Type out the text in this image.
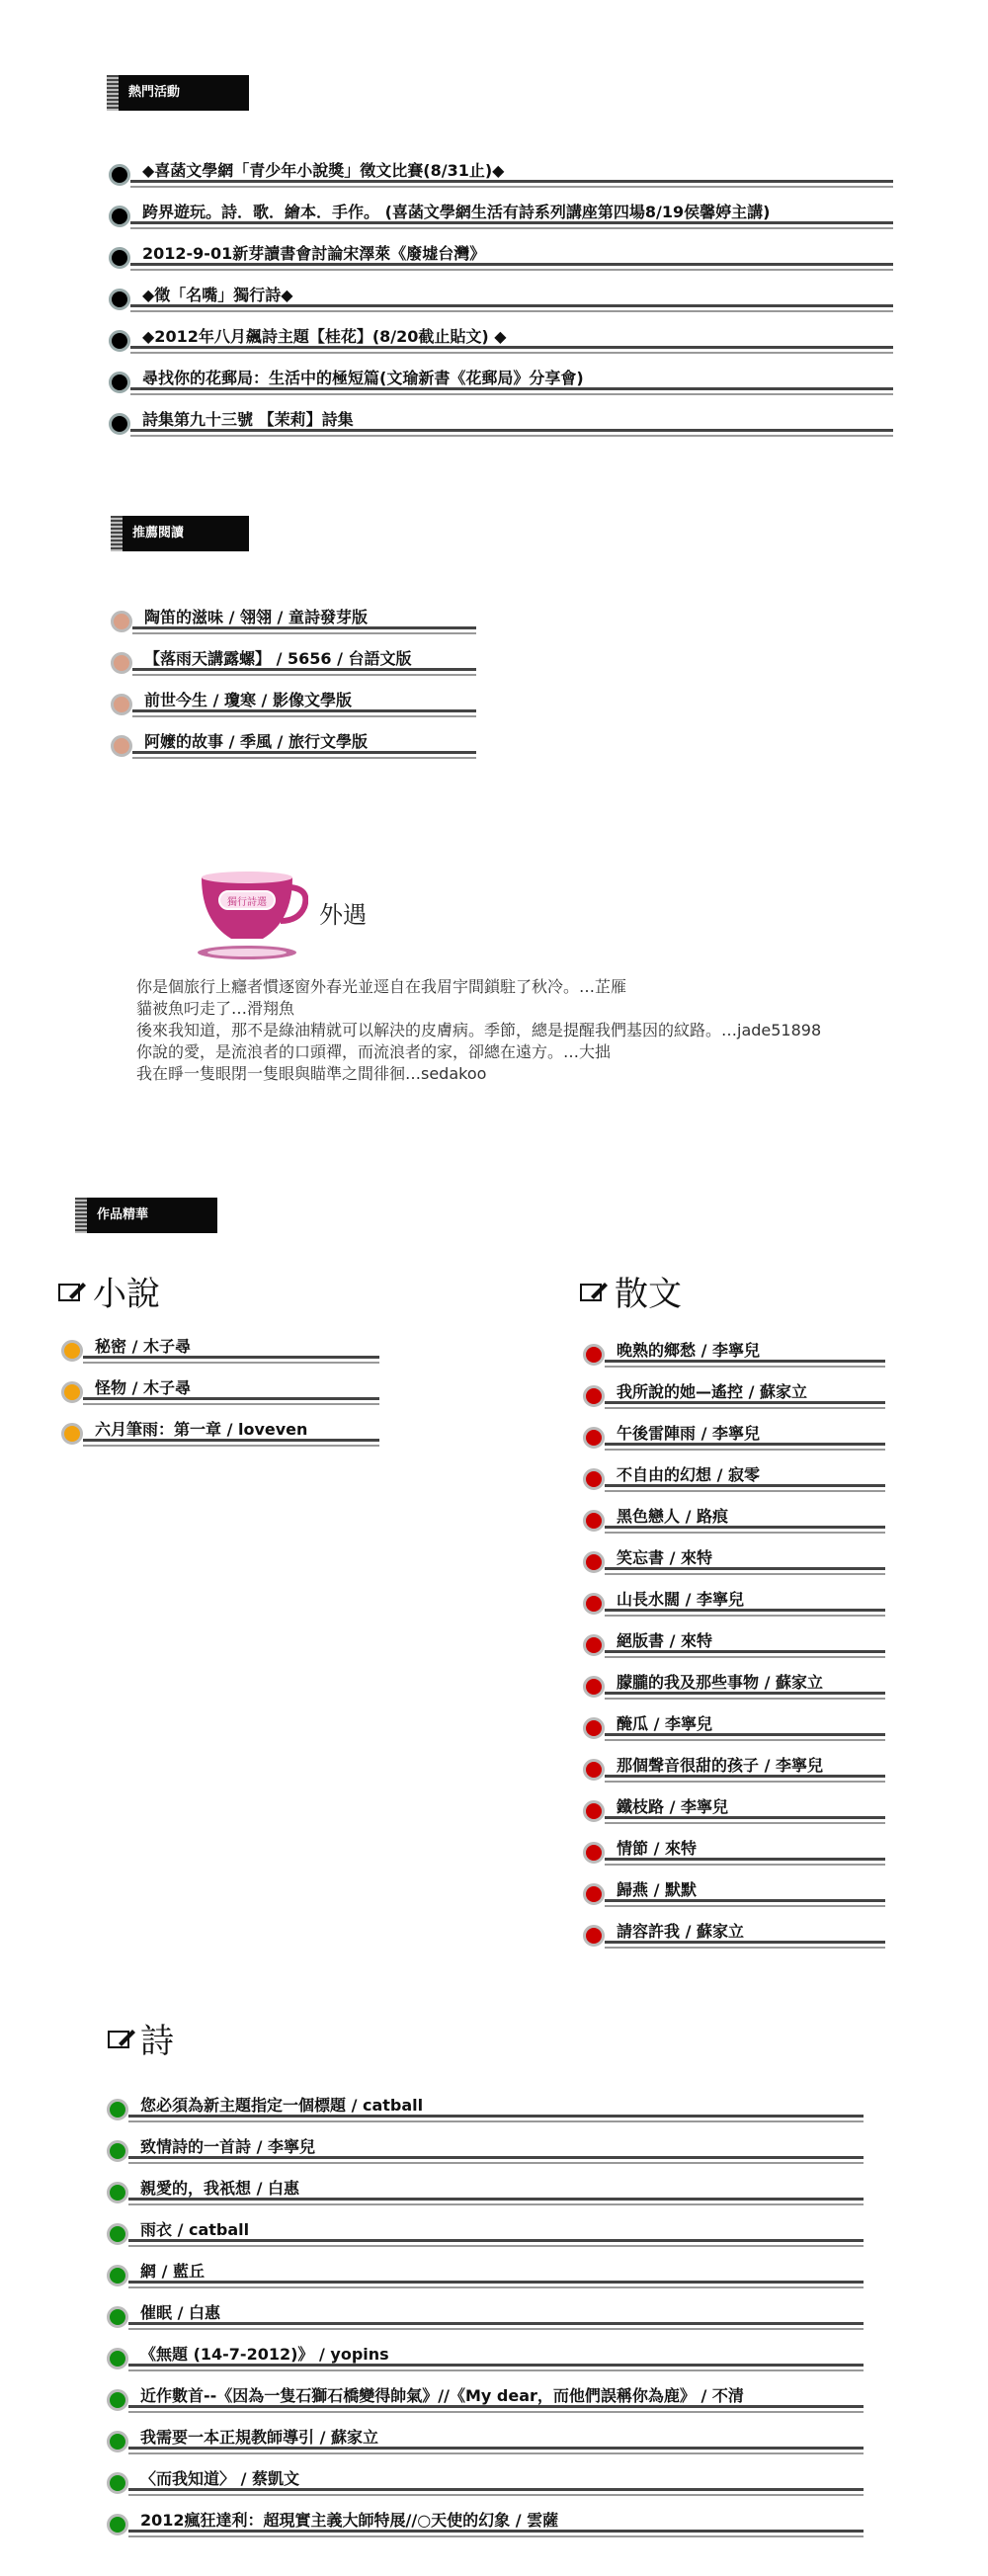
熱門活動
◆喜菡文學網「青少年小說獎」徵文比賽(8/31止)◆
跨界遊玩。詩．歌．繪本．手作。 (喜菡文學網生活有詩系列講座第四場8/19侯馨婷主講)
2012-9-01新芽讀書會討論宋澤萊《廢墟台灣》
◆徵「名嘴」獨行詩◆
◆2012年八月飆詩主題【桂花】(8/20截止貼文) ◆
尋找你的花郵局：生活中的極短篇(文瑜新書《花郵局》分享會)
詩集第九十三號 【茉莉】詩集
推薦閱讀
陶笛的滋味 / 翎翎 / 童詩發芽版
【落雨天講露螺】 / 5656 / 台語文版
前世今生 / 瓊寒 / 影像文學版
阿嬤的故事 / 季風 / 旅行文學版
獨行詩選	外遇
你是個旅行上癮者慣逐窗外春光並逕自在我眉宇間鎖駐了秋冷。…芷雁
貓被魚叼走了…滑翔魚
後來我知道，那不是綠油精就可以解決的皮膚病。季節，總是提醒我們基因的紋路。…jade51898
你說的愛，是流浪者的口頭禪，而流浪者的家，卻總在遠方。…大拙
我在睜一隻眼閉一隻眼與瞄準之間徘徊…sedakoo
作品精華
小說
秘密 / 木子尋
怪物 / 木子尋
六月筆雨：第一章 / loveven
散文
晚熟的鄉愁 / 李寧兒
我所說的她—遙控 / 蘇家立
午後雷陣雨 / 李寧兒
不自由的幻想 / 寂零
黑色戀人 / 路痕
笑忘書 / 來特
山長水闊 / 李寧兒
絕版書 / 來特
朦朧的我及那些事物 / 蘇家立
醃瓜 / 李寧兒
那個聲音很甜的孩子 / 李寧兒
鐵枝路 / 李寧兒
情節 / 來特
歸燕 / 默默
請容許我 / 蘇家立
詩
您必須為新主題指定一個標題 / catball
致情詩的一首詩 / 李寧兒
親愛的，我祇想 / 白惠
雨衣 / catball
網 / 藍丘
催眠 / 白惠
《無題 (14-7-2012)》 / yopins
近作數首--《因為一隻石獅石橋變得帥氣》//《My dear，而他們誤稱你為鹿》 / 不清
我需要一本正規教師導引 / 蘇家立
〈而我知道〉 / 蔡凱文
2012瘋狂達利：超現實主義大師特展//○天使的幻象 / 雲薩
